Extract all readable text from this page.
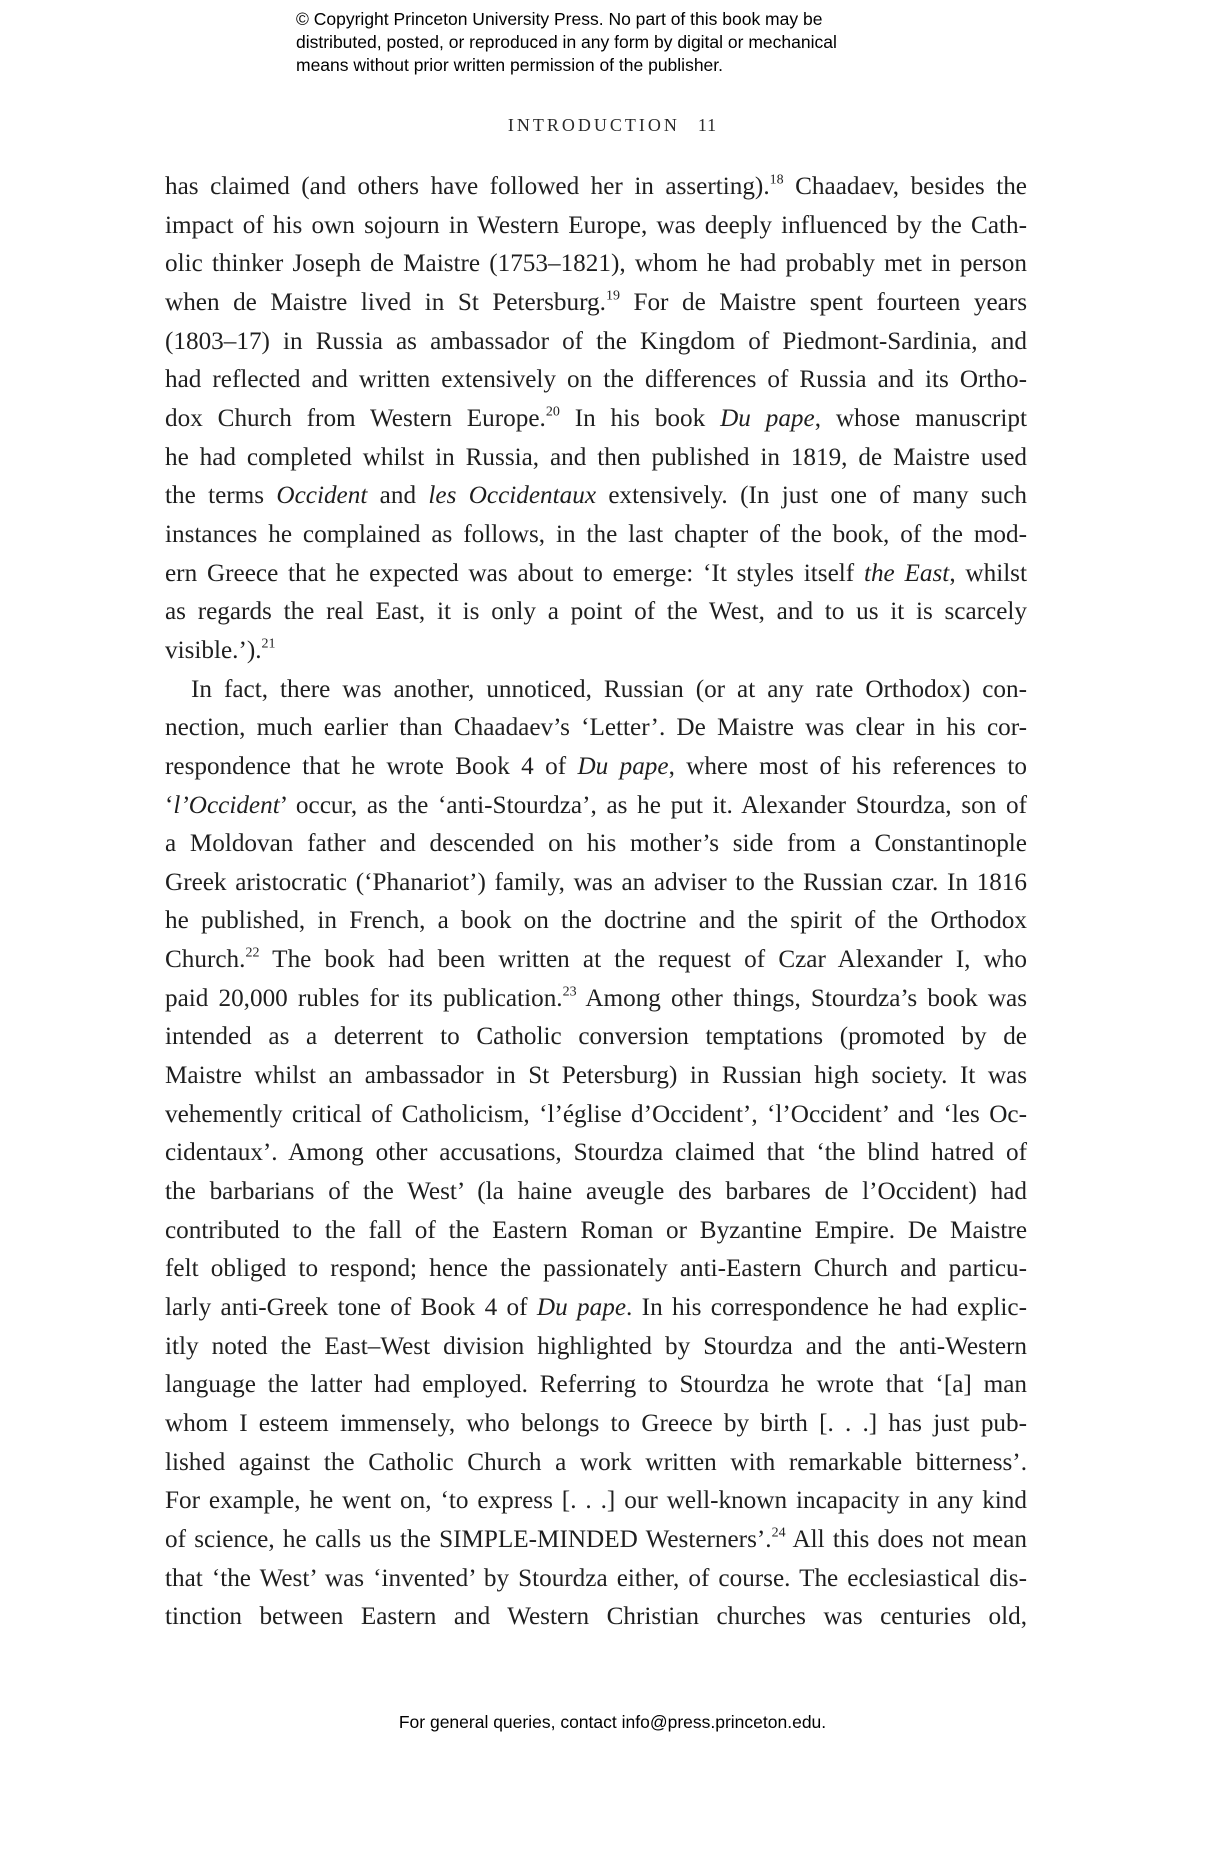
© Copyright Princeton University Press. No part of this book may be
distributed, posted, or reproduced in any form by digital or mechanical
means without prior written permission of the publisher.
INTRODUCTION 11
has claimed (and others have followed her in asserting).$^{18}$ Chaadaev, besides the
impact of his own sojourn in Western Europe, was deeply influenced by the Cath-
olic thinker Joseph de Maistre (1753–1821), whom he had probably met in person
when de Maistre lived in St Petersburg.$^{19}$ For de Maistre spent fourteen years
(1803–17) in Russia as ambassador of the Kingdom of Piedmont-Sardinia, and
had reflected and written extensively on the differences of Russia and its Ortho-
dox Church from Western Europe.$^{20}$ In his book Du pape, whose manuscript
he had completed whilst in Russia, and then published in 1819, de Maistre used
the terms Occident and les Occidentaux extensively. (In just one of many such
instances he complained as follows, in the last chapter of the book, of the mod-
ern Greece that he expected was about to emerge: ‘It styles itself the East, whilst
as regards the real East, it is only a point of the West, and to us it is scarcely
visible.’).$^{21}$
In fact, there was another, unnoticed, Russian (or at any rate Orthodox) con-
nection, much earlier than Chaadaev’s ‘Letter’. De Maistre was clear in his cor-
respondence that he wrote Book 4 of Du pape, where most of his references to
‘l’Occident’ occur, as the ‘anti-Stourdza’, as he put it. Alexander Stourdza, son of
a Moldovan father and descended on his mother’s side from a Constantinople
Greek aristocratic (‘Phanariot’) family, was an adviser to the Russian czar. In 1816
he published, in French, a book on the doctrine and the spirit of the Orthodox
Church.$^{22}$ The book had been written at the request of Czar Alexander I, who
paid 20,000 rubles for its publication.$^{23}$ Among other things, Stourdza’s book was
intended as a deterrent to Catholic conversion temptations (promoted by de
Maistre whilst an ambassador in St Petersburg) in Russian high society. It was
vehemently critical of Catholicism, ‘l’église d’Occident’, ‘l’Occident’ and ‘les Oc-
cidentaux’. Among other accusations, Stourdza claimed that ‘the blind hatred of
the barbarians of the West’ (la haine aveugle des barbares de l’Occident) had
contributed to the fall of the Eastern Roman or Byzantine Empire. De Maistre
felt obliged to respond; hence the passionately anti-Eastern Church and particu-
larly anti-Greek tone of Book 4 of Du pape. In his correspondence he had explic-
itly noted the East–West division highlighted by Stourdza and the anti-Western
language the latter had employed. Referring to Stourdza he wrote that ‘[a] man
whom I esteem immensely, who belongs to Greece by birth [. . .] has just pub-
lished against the Catholic Church a work written with remarkable bitterness’.
For example, he went on, ‘to express [. . .] our well-known incapacity in any kind
of science, he calls us the SIMPLE-MINDED Westerners’.$^{24}$ All this does not mean
that ‘the West’ was ‘invented’ by Stourdza either, of course. The ecclesiastical dis-
tinction between Eastern and Western Christian churches was centuries old,
For general queries, contact info@press.princeton.edu.
